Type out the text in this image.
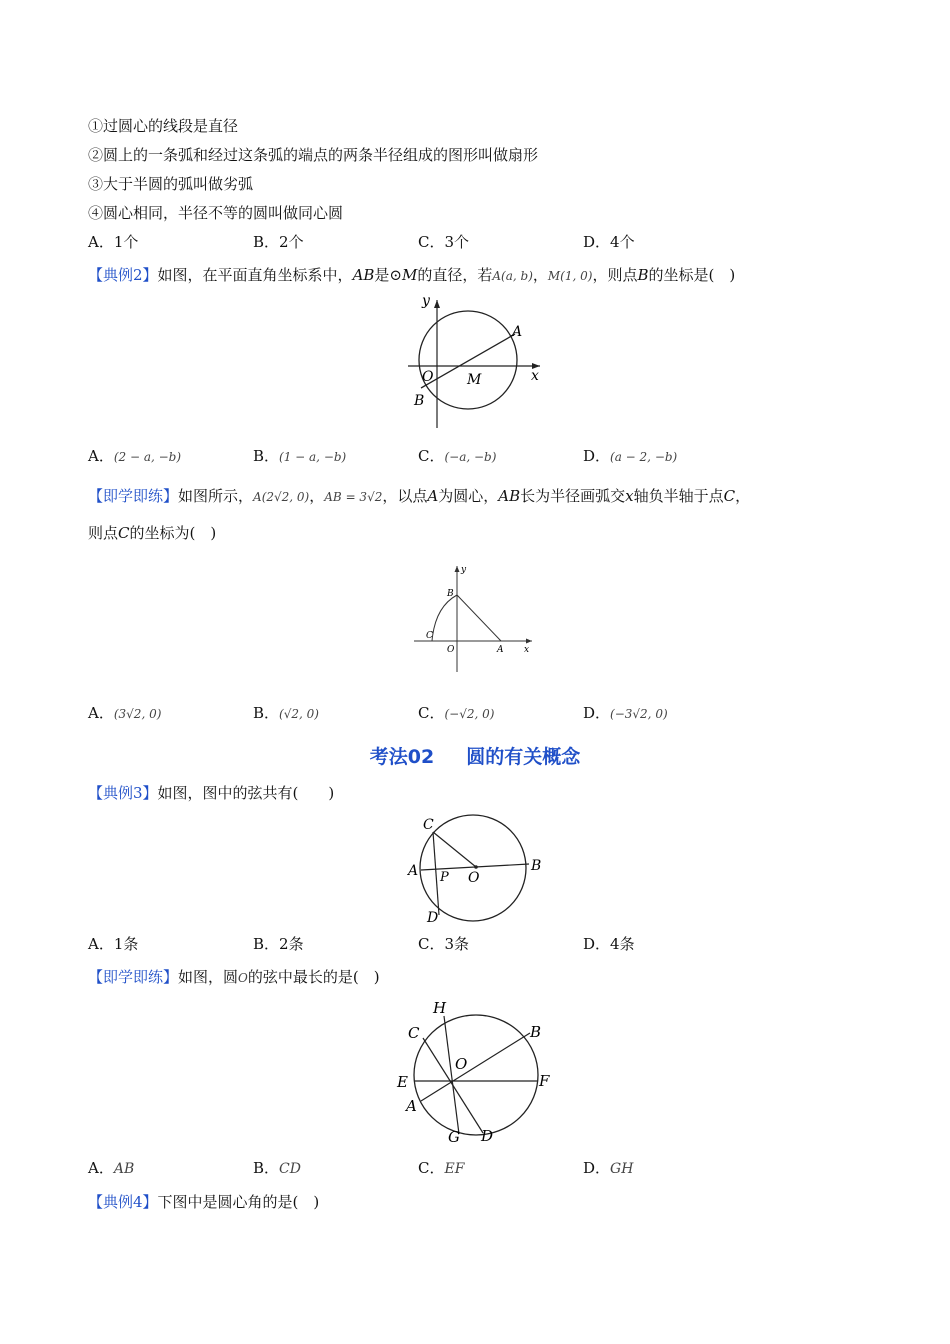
①过圆心的线段是直径
②圆上的一条弧和经过这条弧的端点的两条半径组成的图形叫做扇形
③大于半圆的弧叫做劣弧
④圆心相同，半径不等的圆叫做同心圆
A．1个	B．2个	C．3个	D．4个
【典例2】如图，在平面直角坐标系中，AB是⊙M的直径，若A(a, b)，M(1, 0)，则点B的坐标是(　)
y
x
O M
A
B
A．(2 − a, −b)	B．(1 − a, −b)	C．(−a, −b)	D．(a − 2, −b)
【即学即练】如图所示，A(2√2, 0)，AB = 3√2，以点A为圆心，AB长为半径画弧交x轴负半轴于点C，
则点C的坐标为(　)
y
x
O	A
B
C
A．(3√2, 0)	B．(√2, 0)	C．(−√2, 0)	D．(−3√2, 0)
考法02 圆的有关概念
【典例3】如图，图中的弦共有(　　)
C
A P O
B
D
A．1条	B．2条	C．3条	D．4条
【即学即练】如图，圆O的弦中最长的是(　)
H
C	B
O
E	F
A
G D
A．AB	B．CD	C．EF	D．GH
【典例4】下图中是圆心角的是(　)
